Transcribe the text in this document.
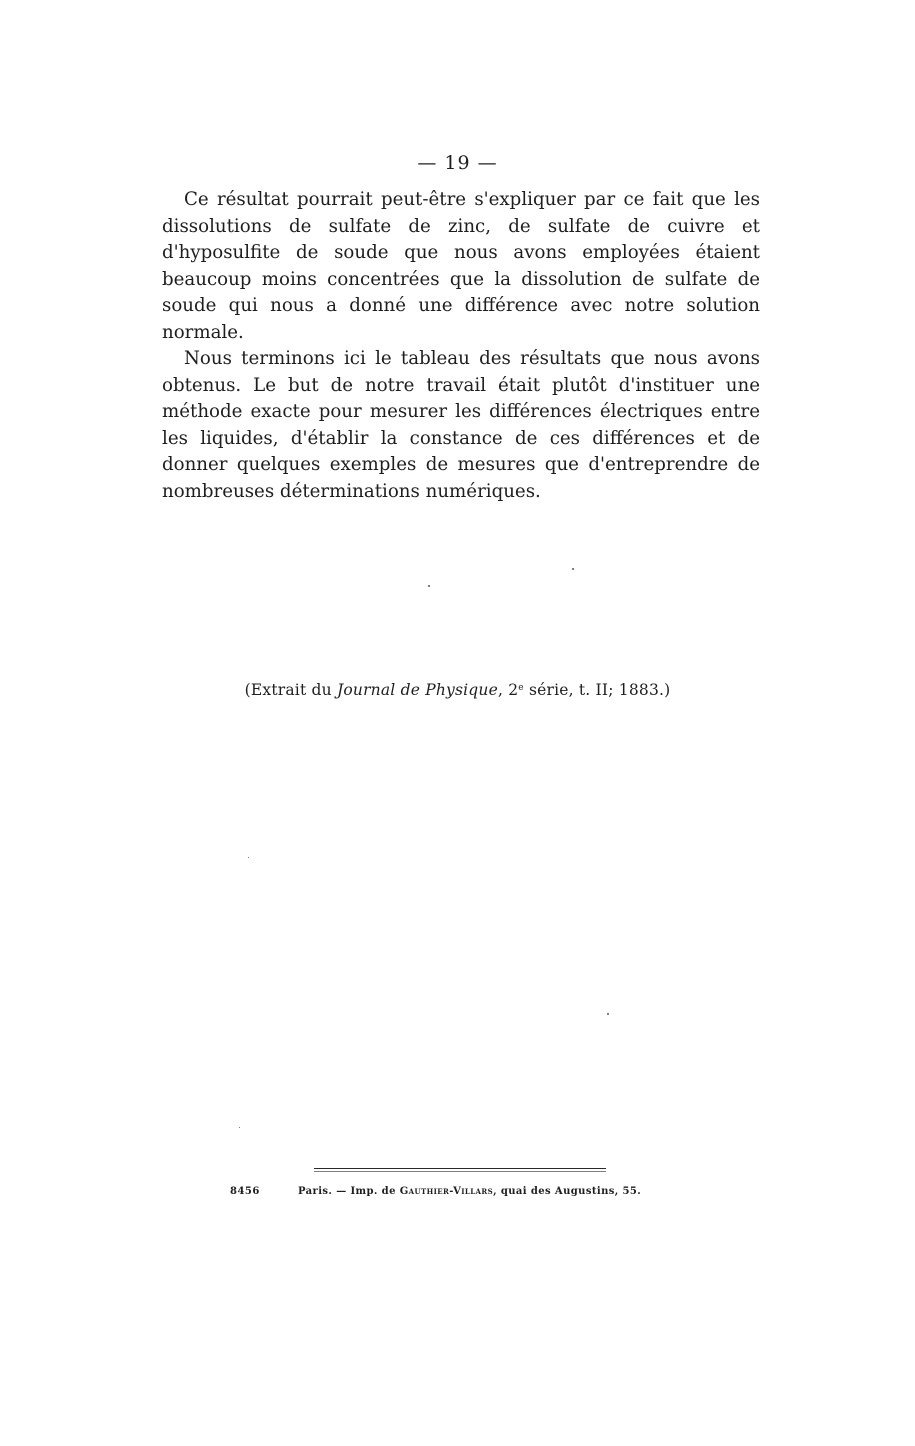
— 19 —

Ce résultat pourrait peut-être s'expliquer par ce fait que les dissolutions de sulfate de zinc, de sulfate de cuivre et d'hyposulfite de soude que nous avons employées étaient beaucoup moins concentrées que la dissolution de sulfate de soude qui nous a donné une différence avec notre solution normale.

Nous terminons ici le tableau des résultats que nous avons obtenus. Le but de notre travail était plutôt d'instituer une méthode exacte pour mesurer les différences électriques entre les liquides, d'établir la constance de ces différences et de donner quelques exemples de mesures que d'entreprendre de nombreuses déterminations numériques.

(Extrait du Journal de Physique, 2e série, t. II; 1883.)
8456	Paris. — Imp. de Gauthier-Villars, quai des Augustins, 55.
